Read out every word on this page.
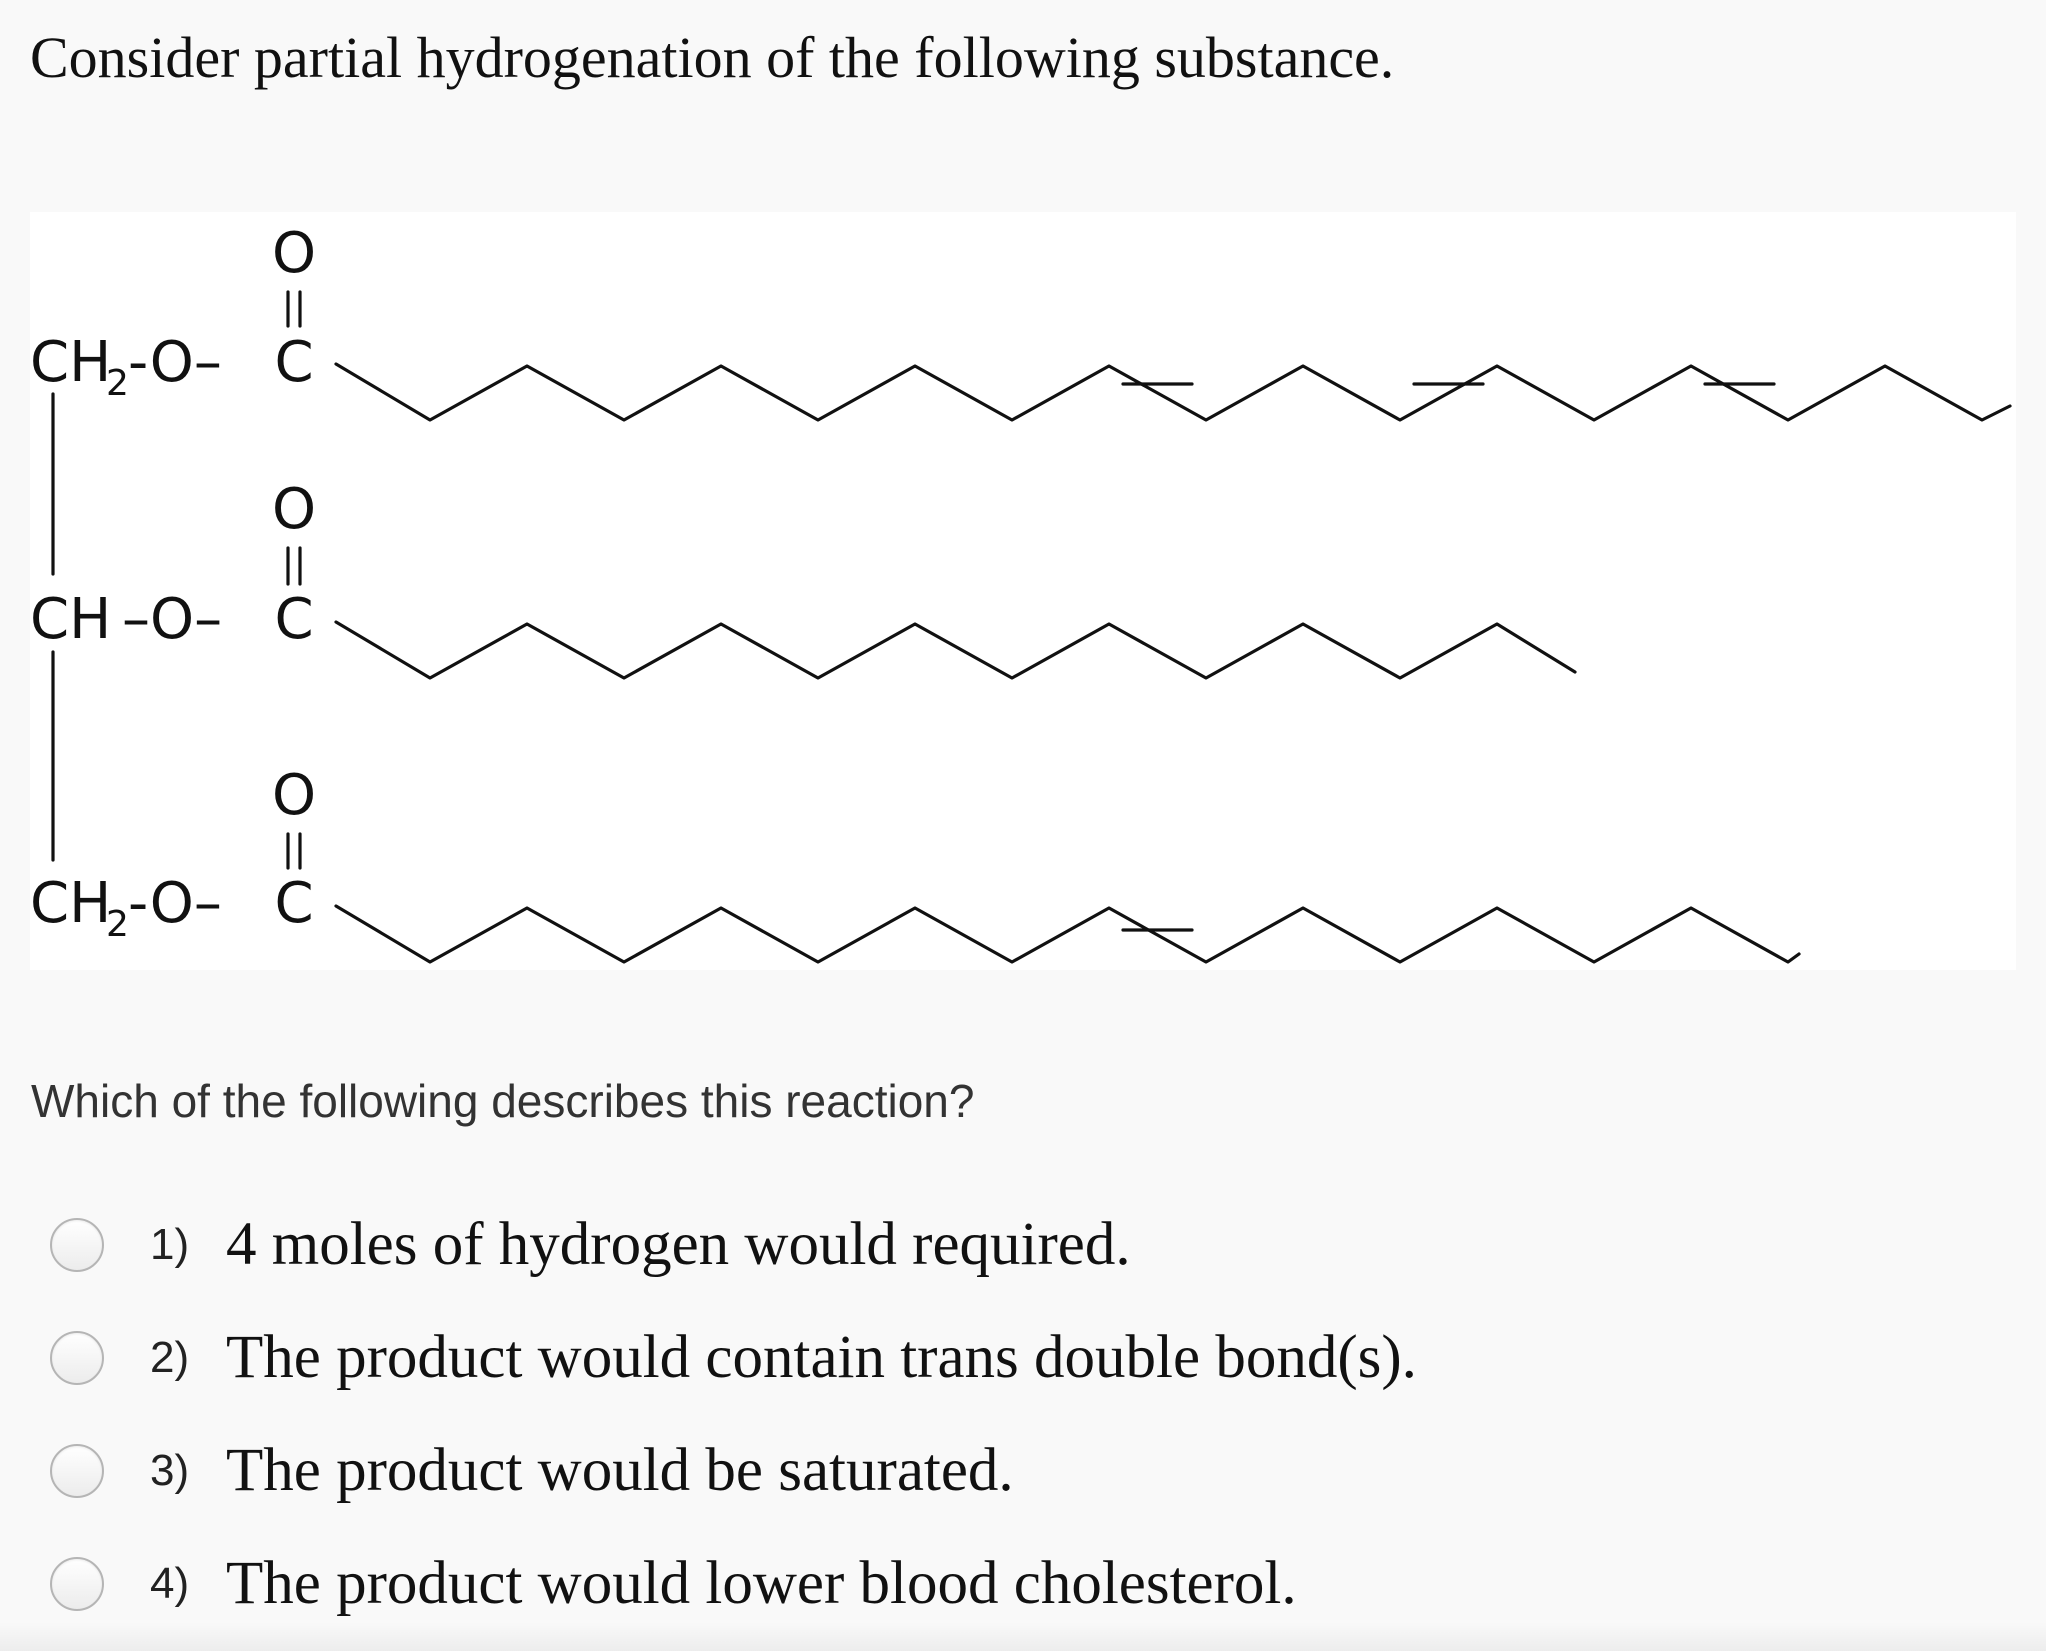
Consider partial hydrogenation of the following substance.
CH
2 -O–
O
C
CH –O–
O
C
CH
2 -O–
O
C
Which of the following describes this reaction?
1) 4 moles of hydrogen would required.
2) The product would contain trans double bond(s).
3) The product would be saturated.
4) The product would lower blood cholesterol.
